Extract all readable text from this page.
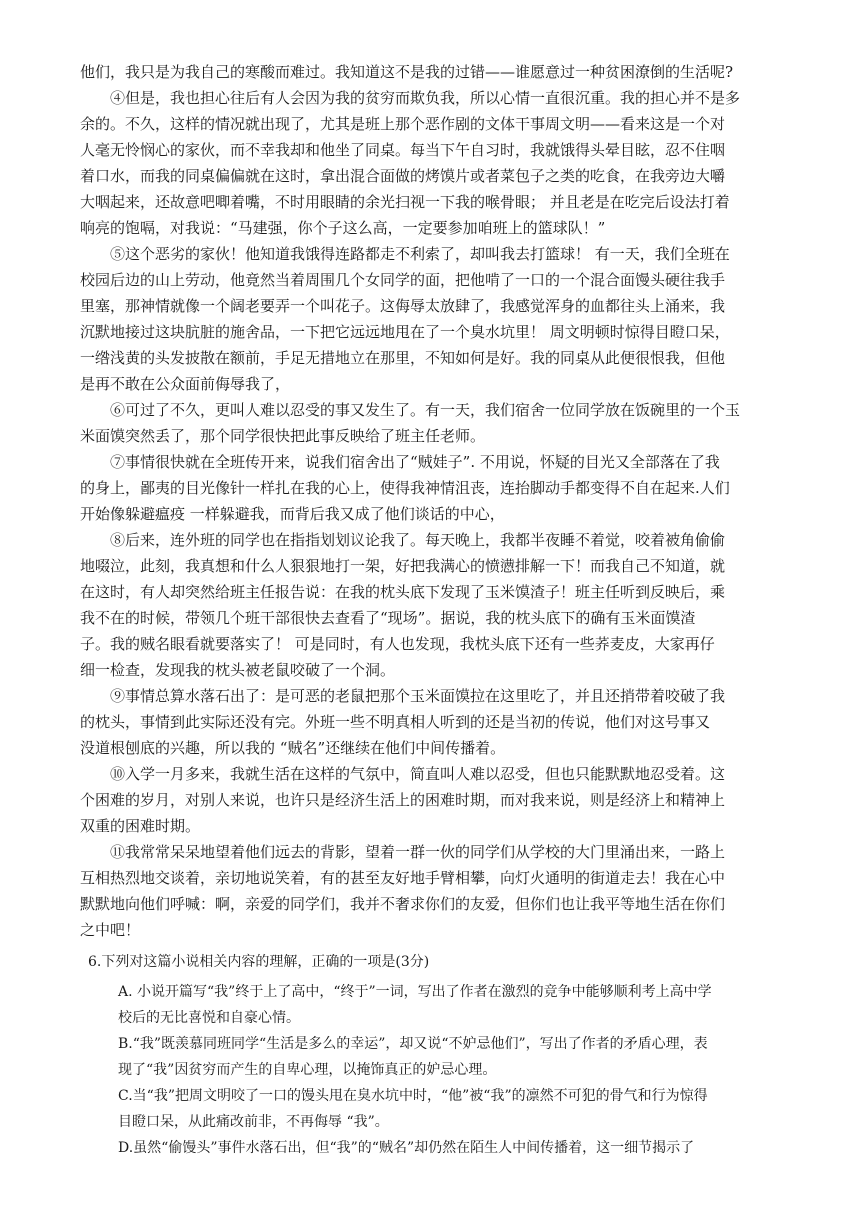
他们，我只是为我自己的寒酸而难过。我知道这不是我的过错——谁愿意过一种贫困潦倒的生活呢?
④但是，我也担心往后有人会因为我的贫穷而欺负我，所以心情一直很沉重。我的担心并不是多
余的。不久，这样的情况就出现了，尤其是班上那个恶作剧的文体干事周文明——看来这是一个对
人毫无怜悯心的家伙，而不幸我却和他坐了同桌。每当下午自习时，我就饿得头晕目眩，忍不住咽
着口水，而我的同桌偏偏就在这时，拿出混合面做的烤馍片或者菜包子之类的吃食，在我旁边大嚼
大咽起来，还故意吧唧着嘴，不时用眼睛的余光扫视一下我的喉骨眼； 并且老是在吃完后设法打着
响亮的饱嗝，对我说：“马建强，你个子这么高，一定要参加咱班上的篮球队！”
⑤这个恶劣的家伙！他知道我饿得连路都走不利索了，却叫我去打篮球！ 有一天，我们全班在
校园后边的山上劳动，他竟然当着周围几个女同学的面，把他啃了一口的一个混合面馒头硬往我手
里塞，那神情就像一个阔老要弄一个叫花子。这侮辱太放肆了，我感觉浑身的血都往头上涌来，我
沉默地接过这块肮脏的施舍品，一下把它远远地甩在了一个臭水坑里！ 周文明顿时惊得目瞪口呆，
一绺浅黄的头发披散在额前，手足无措地立在那里，不知如何是好。我的同桌从此便很恨我，但他
是再不敢在公众面前侮辱我了，
⑥可过了不久，更叫人难以忍受的事又发生了。有一天，我们宿舍一位同学放在饭碗里的一个玉
米面馍突然丢了，那个同学很快把此事反映给了班主任老师。
⑦事情很快就在全班传开来，说我们宿舍出了“贼娃子”. 不用说，怀疑的目光又全部落在了我
的身上，鄙夷的目光像针一样扎在我的心上，使得我神情沮丧，连抬脚动手都变得不自在起来.人们
开始像躲避瘟疫 一样躲避我，而背后我又成了他们谈话的中心，
⑧后来，连外班的同学也在指指划划议论我了。每天晚上，我都半夜睡不着觉，咬着被角偷偷
地啜泣，此刻，我真想和什么人狠狠地打一架，好把我满心的愤懑排解一下！而我自己不知道，就
在这时，有人却突然给班主任报告说：在我的枕头底下发现了玉米馍渣子！班主任听到反映后，乘
我不在的时候，带领几个班干部很快去查看了“现场”。据说，我的枕头底下的确有玉米面馍渣
子。我的贼名眼看就要落实了！ 可是同时，有人也发现，我枕头底下还有一些荞麦皮，大家再仔
细一检查，发现我的枕头被老鼠咬破了一个洞。
⑨事情总算水落石出了：是可恶的老鼠把那个玉米面馍拉在这里吃了，并且还捎带着咬破了我
的枕头，事情到此实际还没有完。外班一些不明真相人听到的还是当初的传说，他们对这号事又
没道根刨底的兴趣，所以我的 “贼名”还继续在他们中间传播着。
⑩入学一月多来，我就生活在这样的气氛中，简直叫人难以忍受，但也只能默默地忍受着。这
个困难的岁月，对别人来说，也许只是经济生活上的困难时期，而对我来说，则是经济上和精神上
双重的困难时期。
⑪我常常呆呆地望着他们远去的背影，望着一群一伙的同学们从学校的大门里涌出来，一路上
互相热烈地交谈着，亲切地说笑着，有的甚至友好地手臂相攀，向灯火通明的街道走去！我在心中
默默地向他们呼喊：啊，亲爱的同学们，我并不奢求你们的友爱，但你们也让我平等地生活在你们
之中吧！
6.下列对这篇小说相关内容的理解，正确的一项是(3分)
A. 小说开篇写“我”终于上了高中，“终于”一词，写出了作者在激烈的竞争中能够顺利考上高中学
校后的无比喜悦和自豪心情。
B.“我”既羡慕同班同学“生活是多么的幸运”，却又说“不妒忌他们”，写出了作者的矛盾心理，表
现了“我”因贫穷而产生的自卑心理，以掩饰真正的妒忌心理。
C.当“我”把周文明咬了一口的馒头甩在臭水坑中时，“他”被“我”的凛然不可犯的骨气和行为惊得
目瞪口呆，从此痛改前非，不再侮辱 “我”。
D.虽然“偷馒头”事件水落石出，但“我”的“贼名”却仍然在陌生人中间传播着，这一细节揭示了
